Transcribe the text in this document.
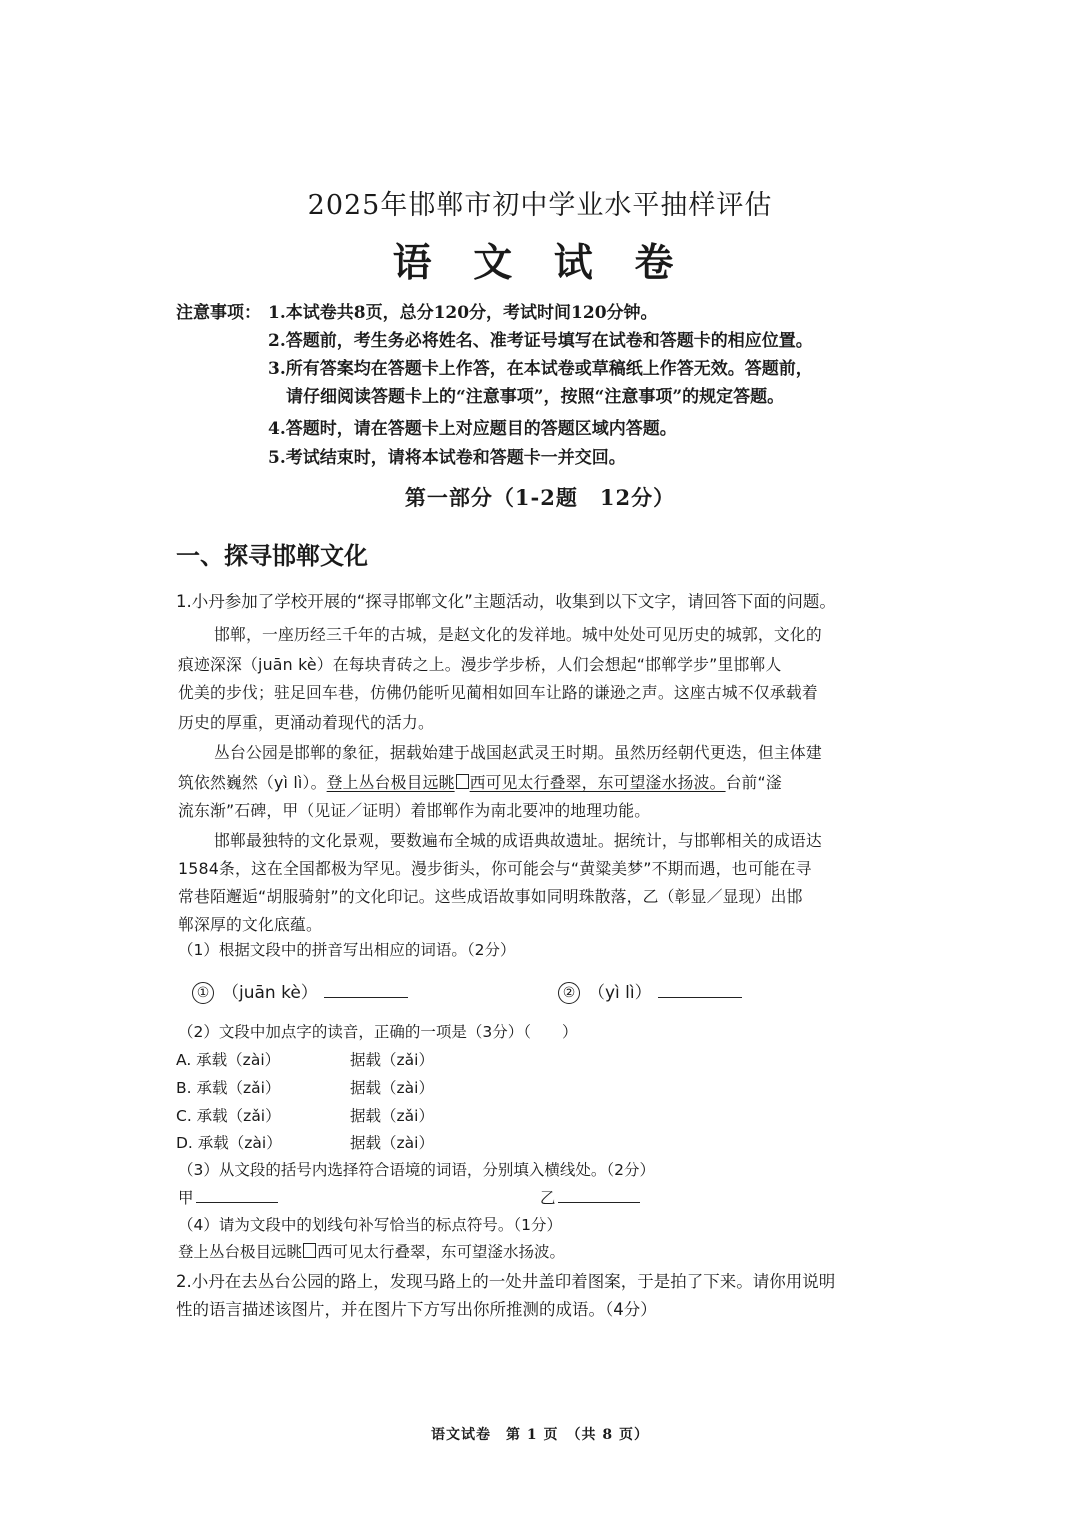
2025年邯郸市初中学业水平抽样评估
语 文 试 卷
注意事项： 1.本试卷共8页，总分120分，考试时间120分钟。
2.答题前，考生务必将姓名、准考证号填写在试卷和答题卡的相应位置。
3.所有答案均在答题卡上作答，在本试卷或草稿纸上作答无效。答题前，
请仔细阅读答题卡上的“注意事项”，按照“注意事项”的规定答题。
4.答题时，请在答题卡上对应题目的答题区域内答题。
5.考试结束时，请将本试卷和答题卡一并交回。
第一部分（1-2题　12分）
一、探寻邯郸文化
1.小丹参加了学校开展的“探寻邯郸文化”主题活动，收集到以下文字，请回答下面的问题。
邯郸，一座历经三千年的古城，是赵文化的发祥地。城中处处可见历史的城郭，文化的
痕迹深深（juān kè）在每块青砖之上。漫步学步桥，人们会想起“邯郸学步”里邯郸人
优美的步伐；驻足回车巷，仿佛仍能听见蔺相如回车让路的谦逊之声。这座古城不仅承载着
历史的厚重，更涌动着现代的活力。
丛台公园是邯郸的象征，据载始建于战国赵武灵王时期。虽然历经朝代更迭，但主体建
筑依然巍然（yì lì）。登上丛台极目远眺 西可见太行叠翠，东可望滏水扬波。台前“滏
流东渐”石碑，甲（见证／证明）着邯郸作为南北要冲的地理功能。
邯郸最独特的文化景观，要数遍布全城的成语典故遗址。据统计，与邯郸相关的成语达
1584条，这在全国都极为罕见。漫步街头，你可能会与“黄粱美梦”不期而遇，也可能在寻
常巷陌邂逅“胡服骑射”的文化印记。这些成语故事如同明珠散落，乙（彰显／显现）出邯
郸深厚的文化底蕴。
（1）根据文段中的拼音写出相应的词语。（2分）
① （juān kè）	② （yì lì）
（2）文段中加点字的读音，正确的一项是（3分）（　　）
A. 承载（zài）	据载（zǎi）
B. 承载（zǎi）	据载（zài）
C. 承载（zǎi）	据载（zǎi）
D. 承载（zài）	据载（zài）
（3）从文段的括号内选择符合语境的词语，分别填入横线处。（2分）
甲	乙
（4）请为文段中的划线句补写恰当的标点符号。（1分）
登上丛台极目远眺 西可见太行叠翠，东可望滏水扬波。
2.小丹在去丛台公园的路上，发现马路上的一处井盖印着图案，于是拍了下来。请你用说明
性的语言描述该图片，并在图片下方写出你所推测的成语。（4分）
语文试卷　第 1 页　（共 8 页）
